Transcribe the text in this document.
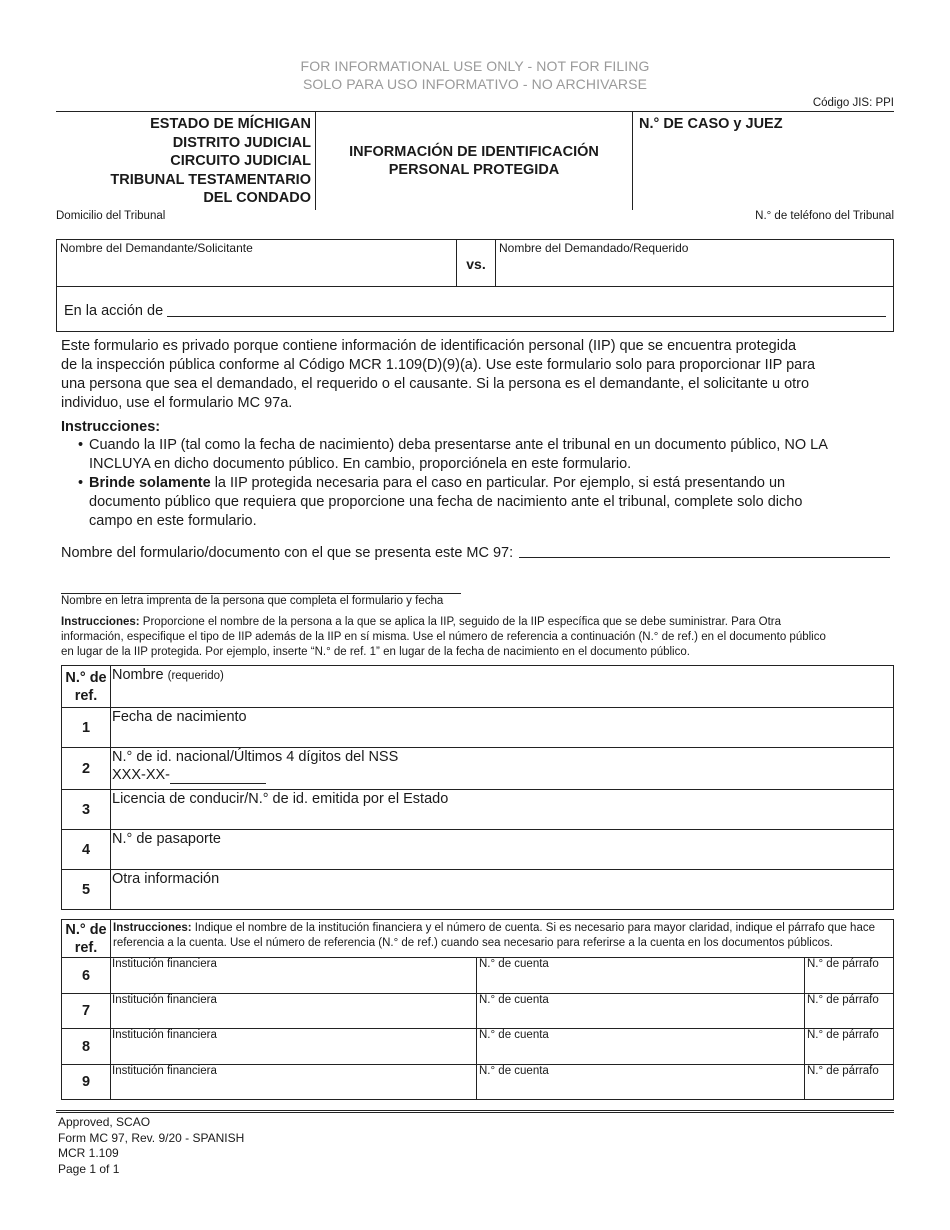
FOR INFORMATIONAL USE ONLY - NOT FOR FILING
SOLO PARA USO INFORMATIVO - NO ARCHIVARSE
Código JIS: PPI
ESTADO DE MÍCHIGAN
DISTRITO JUDICIAL
CIRCUITO JUDICIAL
TRIBUNAL TESTAMENTARIO
DEL CONDADO
INFORMACIÓN DE IDENTIFICACIÓN
PERSONAL PROTEGIDA
N.° DE CASO y JUEZ
Domicilio del Tribunal	N.° de teléfono del Tribunal
Nombre del Demandante/Solicitante
vs.
Nombre del Demandado/Requerido
En la acción de
Este formulario es privado porque contiene información de identificación personal (IIP) que se encuentra protegida
de la inspección pública conforme al Código MCR 1.109(D)(9)(a). Use este formulario solo para proporcionar IIP para
una persona que sea el demandado, el requerido o el causante. Si la persona es el demandante, el solicitante u otro
individuo, use el formulario MC 97a.
Instrucciones:
• Cuando la IIP (tal como la fecha de nacimiento) deba presentarse ante el tribunal en un documento público, NO LA
INCLUYA en dicho documento público. En cambio, proporciónela en este formulario.
• Brinde solamente la IIP protegida necesaria para el caso en particular. Por ejemplo, si está presentando un
documento público que requiera que proporcione una fecha de nacimiento ante el tribunal, complete solo dicho
campo en este formulario.
Nombre del formulario/documento con el que se presenta este MC 97:
Nombre en letra imprenta de la persona que completa el formulario y fecha
Instrucciones: Proporcione el nombre de la persona a la que se aplica la IIP, seguido de la IIP específica que se debe suministrar. Para Otra
información, especifique el tipo de IIP además de la IIP en sí misma. Use el número de referencia a continuación (N.° de ref.) en el documento público
en lugar de la IIP protegida. Por ejemplo, inserte “N.° de ref. 1” en lugar de la fecha de nacimiento en el documento público.
N.° de ref.	Nombre (requerido)
1	Fecha de nacimiento
2	N.° de id. nacional/Últimos 4 dígitos del NSS
XXX-XX-

3	Licencia de conducir/N.° de id. emitida por el Estado
4	N.° de pasaporte
5	Otra información
N.° de ref.	Instrucciones: Indique el nombre de la institución financiera y el número de cuenta. Si es necesario para mayor claridad, indique el párrafo que hace referencia a la cuenta. Use el número de referencia (N.° de ref.) cuando sea necesario para referirse a la cuenta en los documentos públicos.		
6	Institución financiera	N.° de cuenta	N.° de párrafo
7	Institución financiera	N.° de cuenta	N.° de párrafo
8	Institución financiera	N.° de cuenta	N.° de párrafo
9	Institución financiera	N.° de cuenta	N.° de párrafo
Approved, SCAO
Form MC 97, Rev. 9/20 - SPANISH
MCR 1.109
Page 1 of 1
